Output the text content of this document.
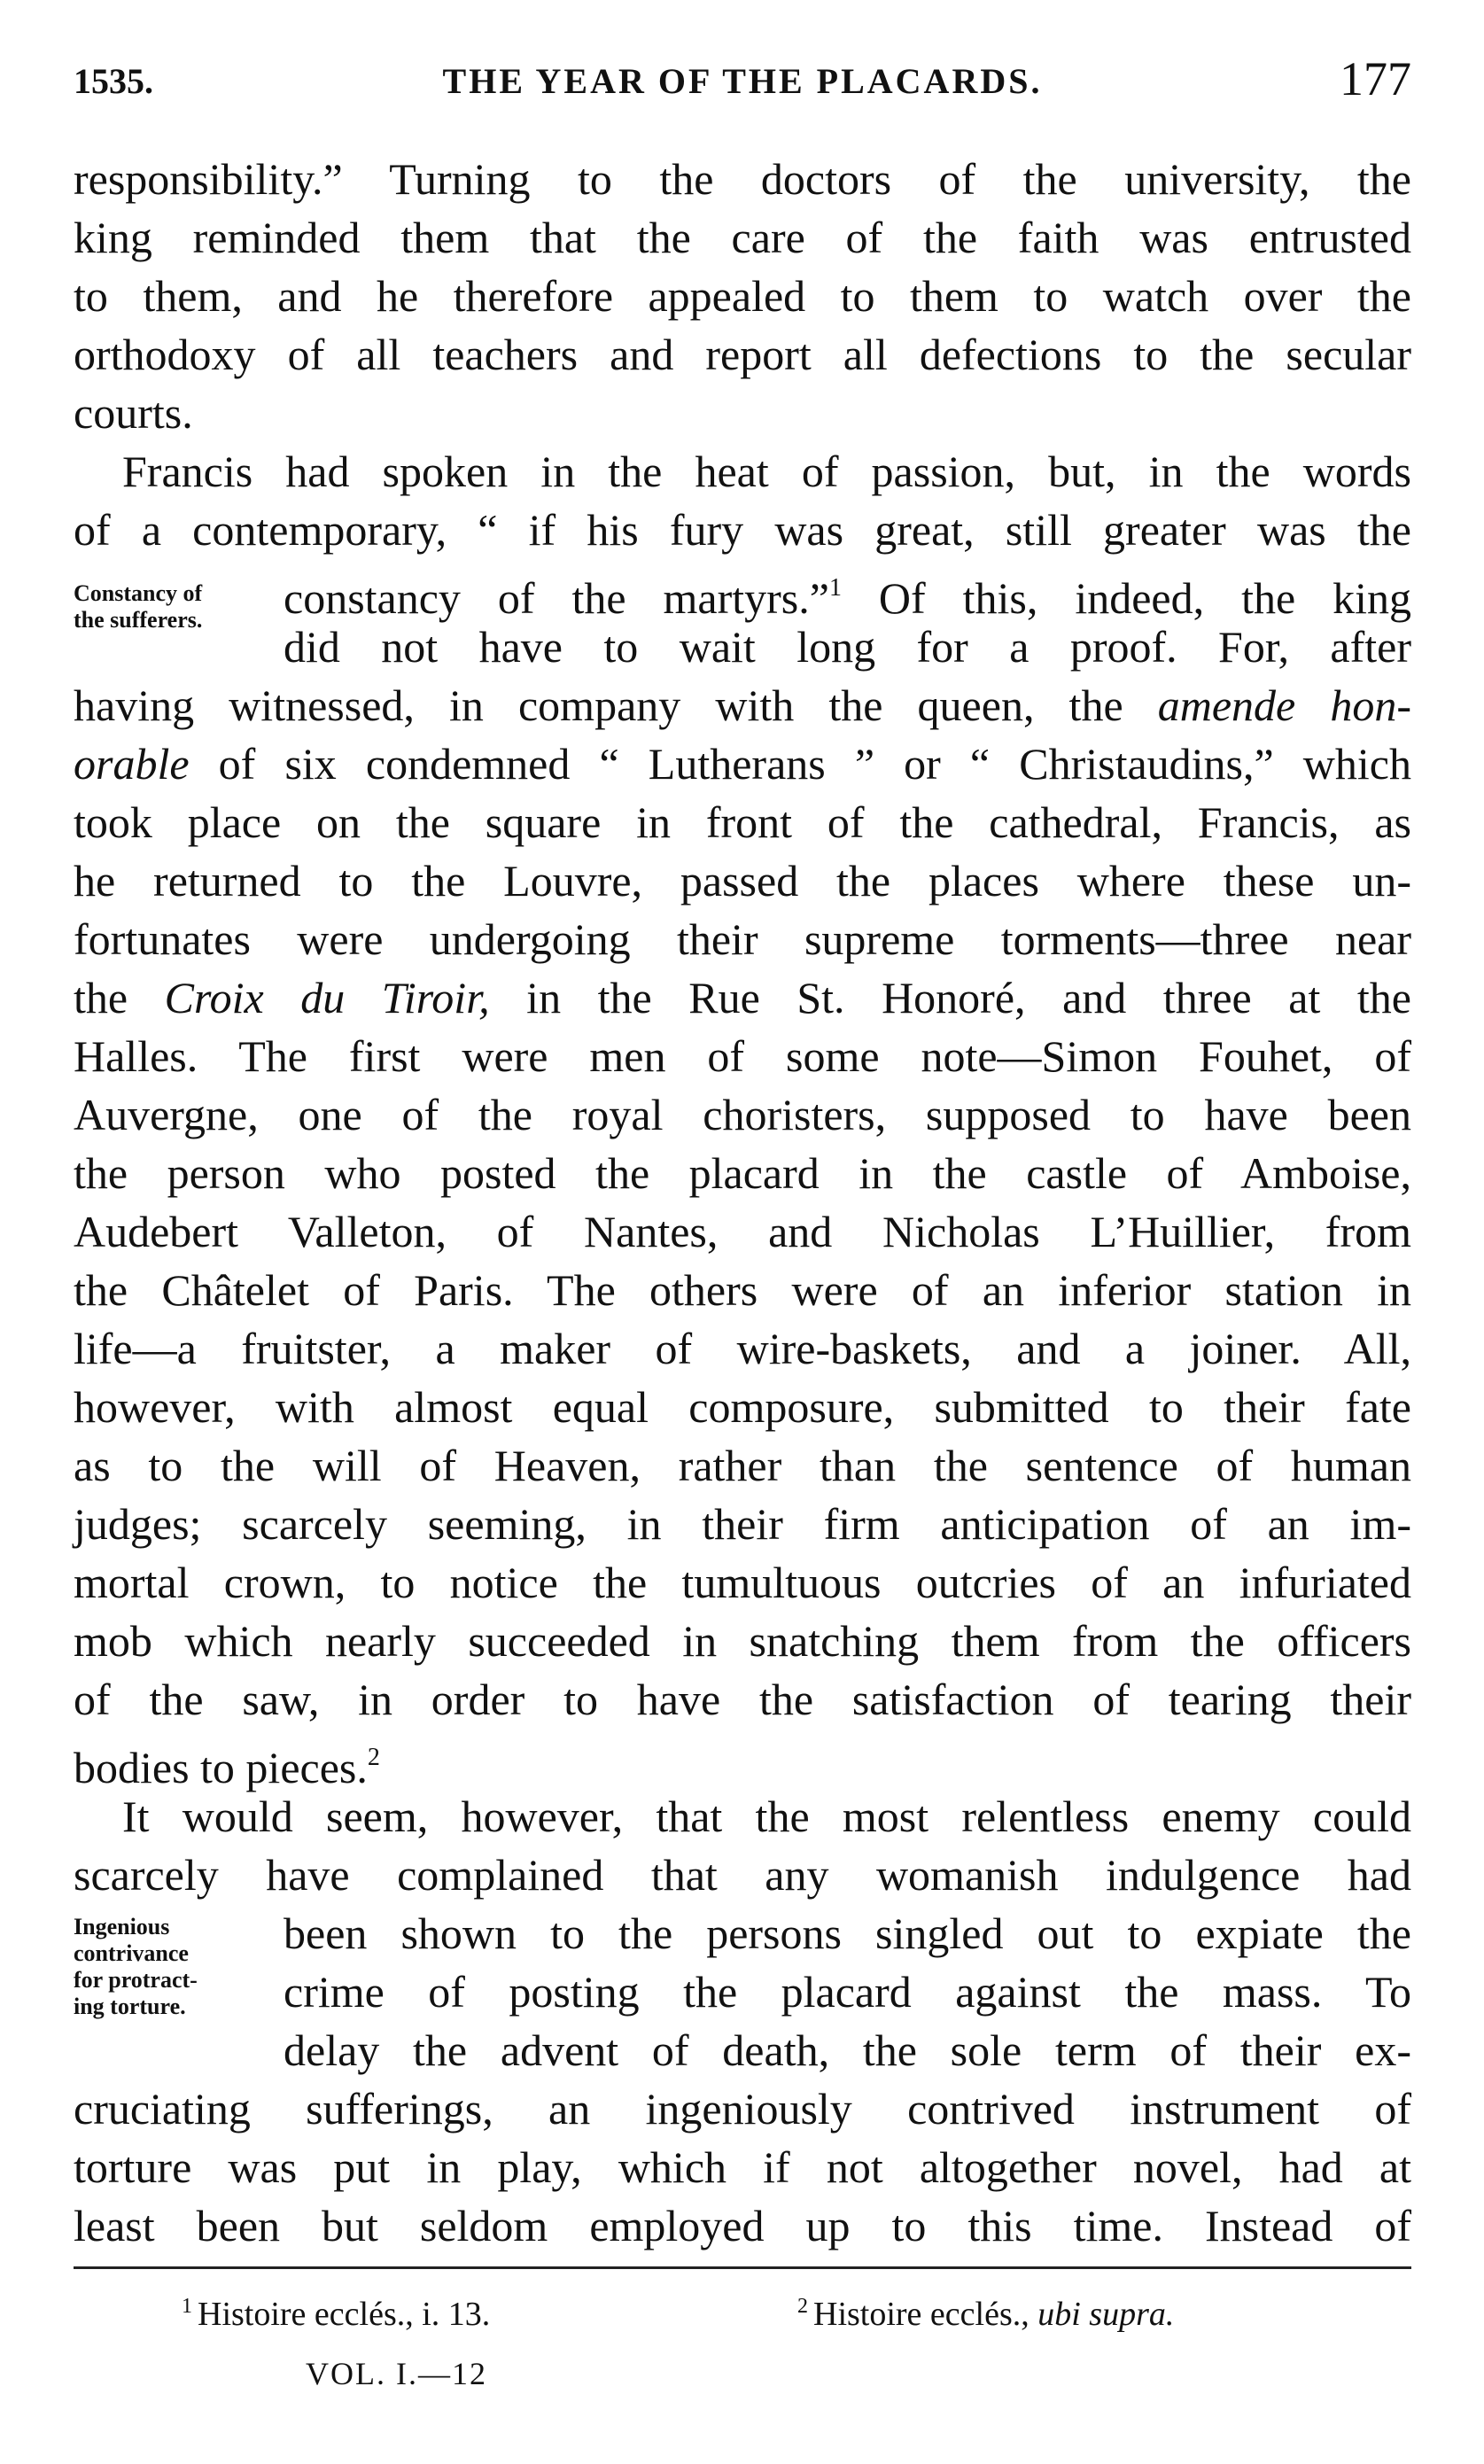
1535.	THE YEAR OF THE PLACARDS.	177
responsibility.” Turning to the doctors of the university, the
king reminded them that the care of the faith was entrusted
to them, and he therefore appealed to them to watch over the
orthodoxy of all teachers and report all defections to the secular
courts.
Francis had spoken in the heat of passion, but, in the words
of a contemporary, “ if his fury was great, still greater was the
Constancy of
the sufferers.	constancy of the martyrs.”$^1$ Of this, indeed, the king
did not have to wait long for a proof. For, after
having witnessed, in company with the queen, the amende hon-
orable of six condemned “ Lutherans ” or “ Christaudins,” which
took place on the square in front of the cathedral, Francis, as
he returned to the Louvre, passed the places where these un-
fortunates were undergoing their supreme torments—three near
the Croix du Tiroir, in the Rue St. Honoré, and three at the
Halles. The first were men of some note—Simon Fouhet, of
Auvergne, one of the royal choristers, supposed to have been
the person who posted the placard in the castle of Amboise,
Audebert Valleton, of Nantes, and Nicholas L’Huillier, from
the Châtelet of Paris. The others were of an inferior station in
life—a fruitster, a maker of wire-baskets, and a joiner. All,
however, with almost equal composure, submitted to their fate
as to the will of Heaven, rather than the sentence of human
judges; scarcely seeming, in their firm anticipation of an im-
mortal crown, to notice the tumultuous outcries of an infuriated
mob which nearly succeeded in snatching them from the officers
of the saw, in order to have the satisfaction of tearing their
bodies to pieces.$^2$
It would seem, however, that the most relentless enemy could
scarcely have complained that any womanish indulgence had
Ingenious
contrivance
for protract-
ing torture.
been shown to the persons singled out to expiate the
crime of posting the placard against the mass. To
delay the advent of death, the sole term of their ex-
cruciating sufferings, an ingeniously contrived instrument of
torture was put in play, which if not altogether novel, had at
least been but seldom employed up to this time. Instead of
$^1$ Histoire ecclés., i. 13.	$^2$ Histoire ecclés., ubi supra.
VOL. I.—12
